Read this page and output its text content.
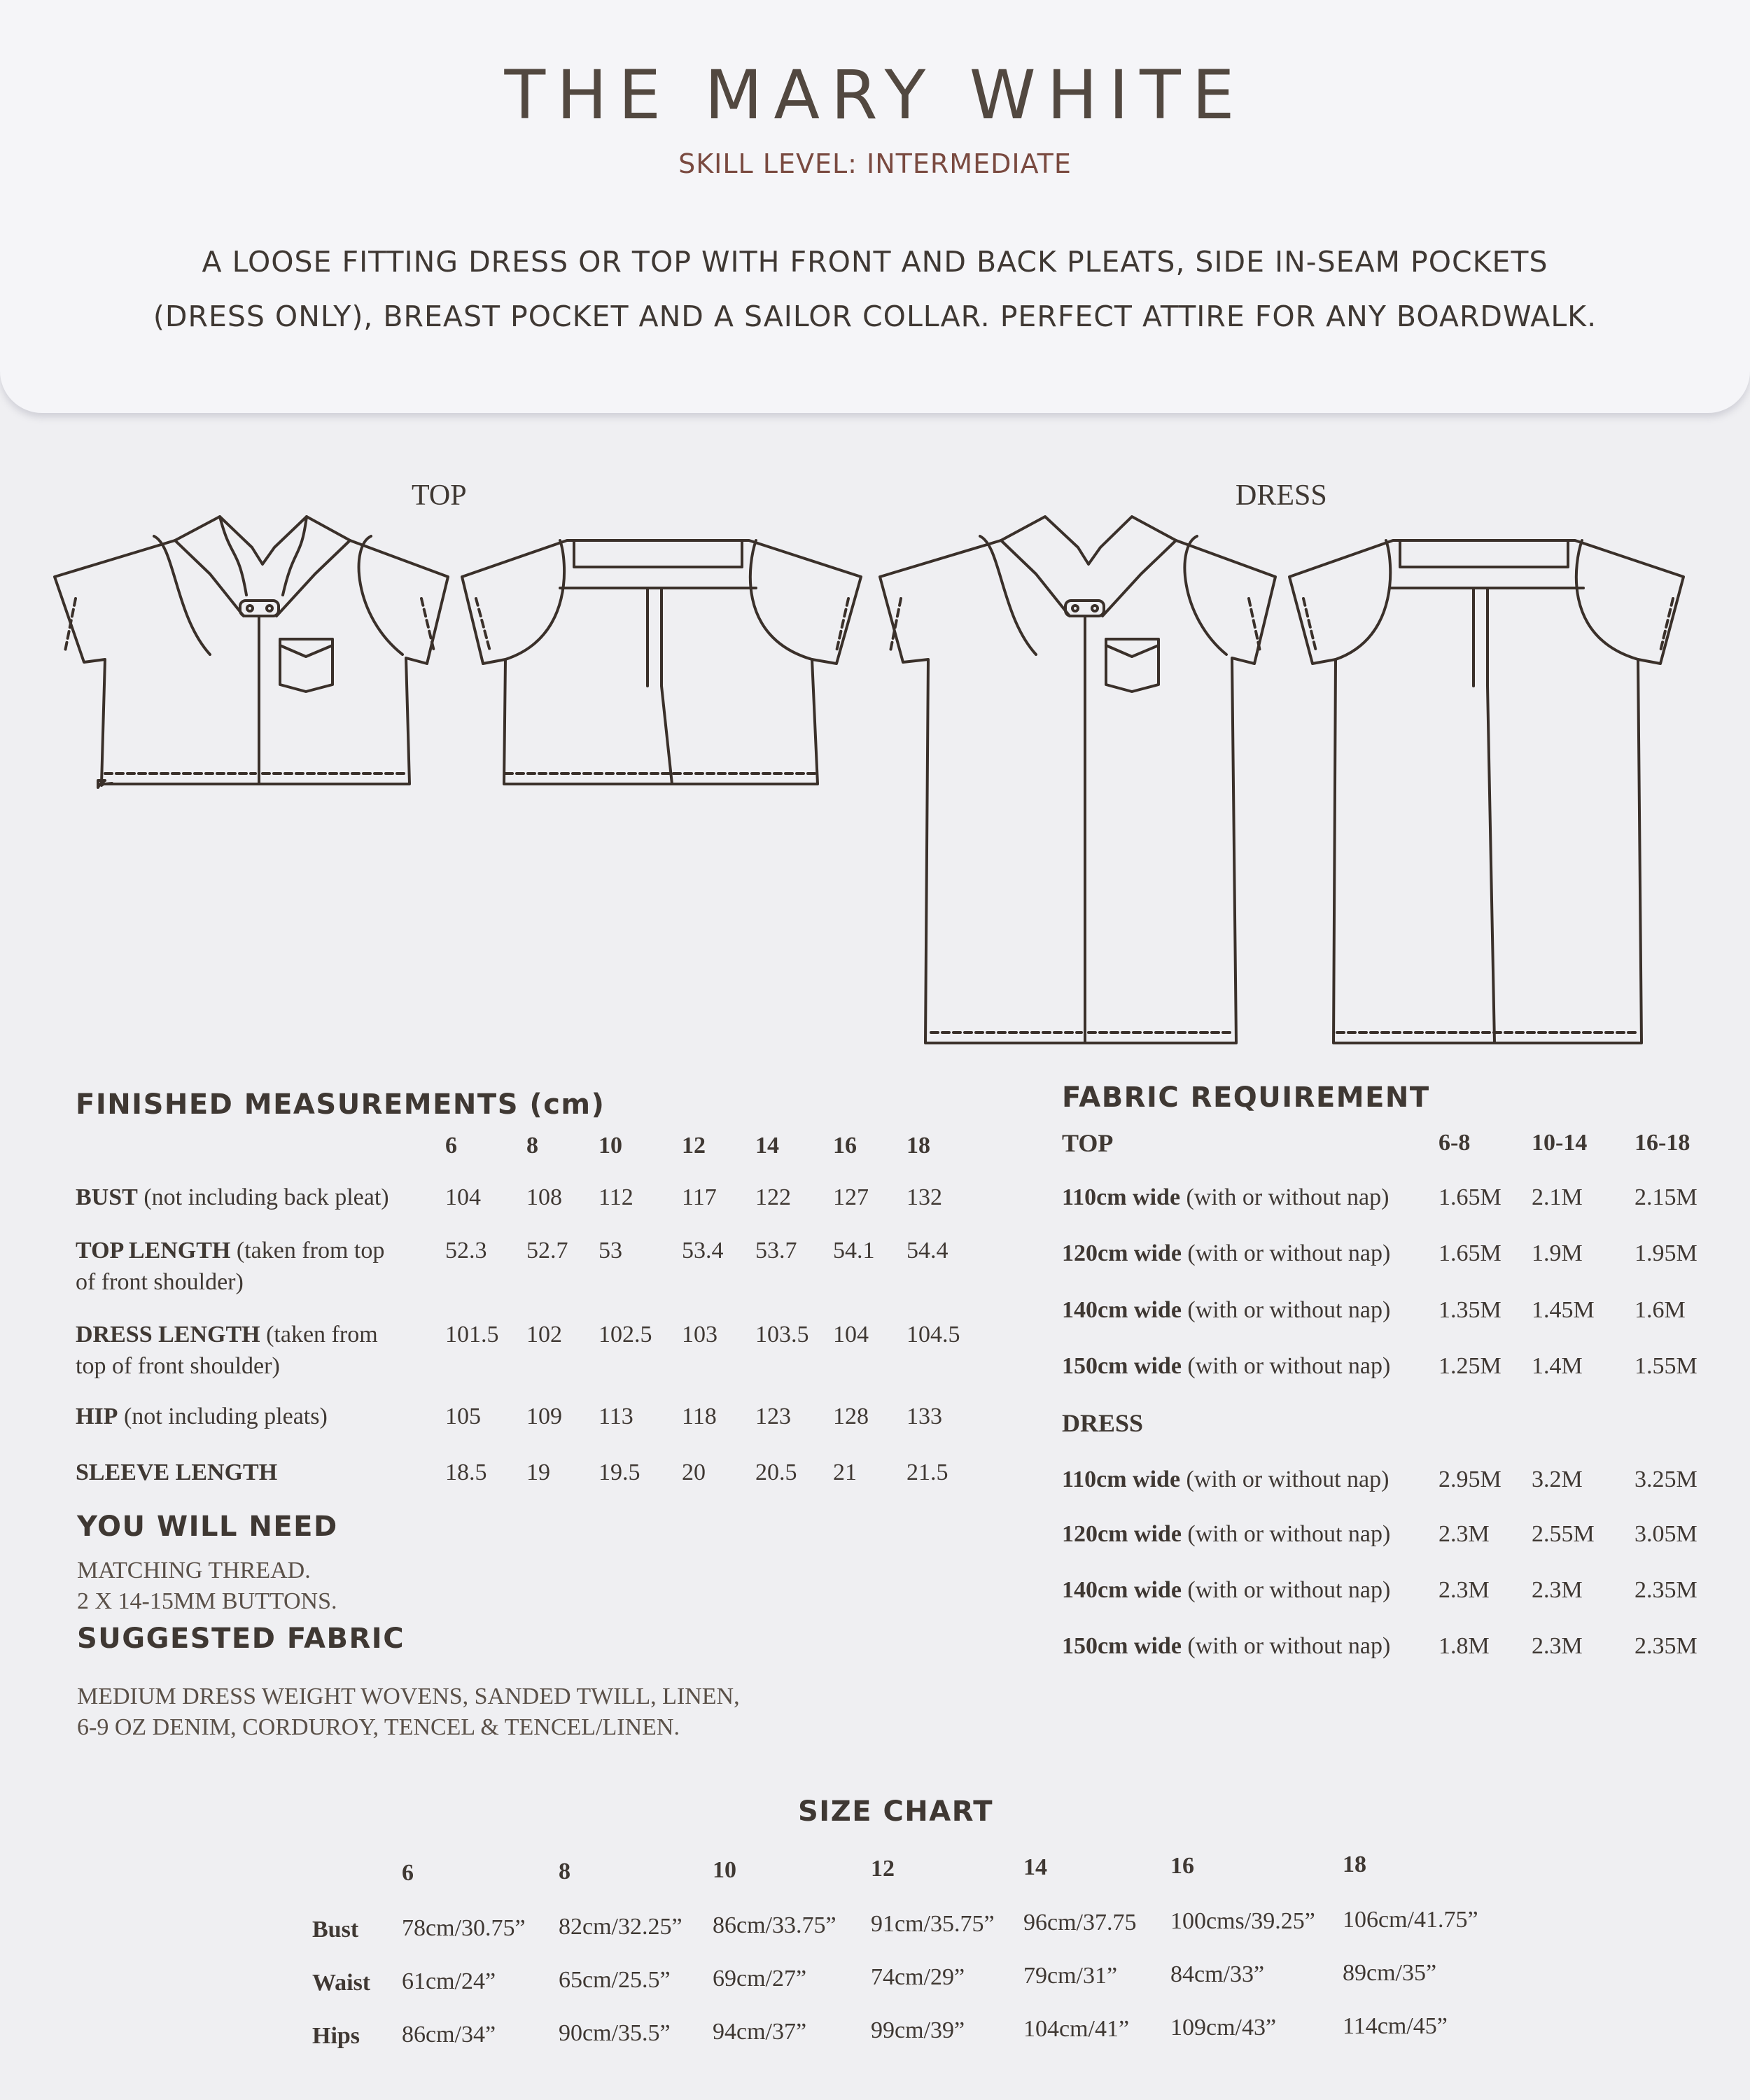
THE MARY WHITE
SKILL LEVEL: INTERMEDIATE
A LOOSE FITTING DRESS OR TOP WITH FRONT AND BACK PLEATS, SIDE IN-SEAM POCKETS
(DRESS ONLY), BREAST POCKET AND A SAILOR COLLAR. PERFECT ATTIRE FOR ANY BOARDWALK.
TOP	DRESS
FINISHED MEASUREMENTS (cm)
6	8	10	12 14 16 18
BUST (not including back pleat) 104 108 112 117 122 127 132
TOP LENGTH (taken from top
of front shoulder)
52.3 52.7 53	53.4 53.7 54.1 54.4
DRESS LENGTH (taken from
top of front shoulder)
101.5 102 102.5 103 103.5 104 104.5
HIP (not including pleats)	105 109 113 118 123 128 133
SLEEVE LENGTH	18.5 19 19.5 20 20.5 21 21.5
YOU WILL NEED
MATCHING THREAD.
2 X 14-15MM BUTTONS.
SUGGESTED FABRIC
MEDIUM DRESS WEIGHT WOVENS, SANDED TWILL, LINEN,
6-9 OZ DENIM, CORDUROY, TENCEL & TENCEL/LINEN.
FABRIC REQUIREMENT
TOP	6-8	10-14 16-18
110cm wide (with or without nap) 1.65M 2.1M 2.15M
120cm wide (with or without nap) 1.65M 1.9M 1.95M
140cm wide (with or without nap) 1.35M 1.45M 1.6M
150cm wide (with or without nap) 1.25M 1.4M 1.55M
DRESS
110cm wide (with or without nap) 2.95M 3.2M 3.25M
120cm wide (with or without nap) 2.3M 2.55M 3.05M
140cm wide (with or without nap) 2.3M 2.3M 2.35M
150cm wide (with or without nap) 1.8M 2.3M 2.35M
SIZE CHART
6	8	10	12	14	16	18
Bust 78cm/30.75” 82cm/32.25” 86cm/33.75” 91cm/35.75” 96cm/37.75 100cms/39.25” 106cm/41.75”
Waist 61cm/24”	65cm/25.5” 69cm/27”	74cm/29” 79cm/31” 84cm/33”	89cm/35”
Hips 86cm/34”	90cm/35.5” 94cm/37”	99cm/39” 104cm/41” 109cm/43”	114cm/45”
